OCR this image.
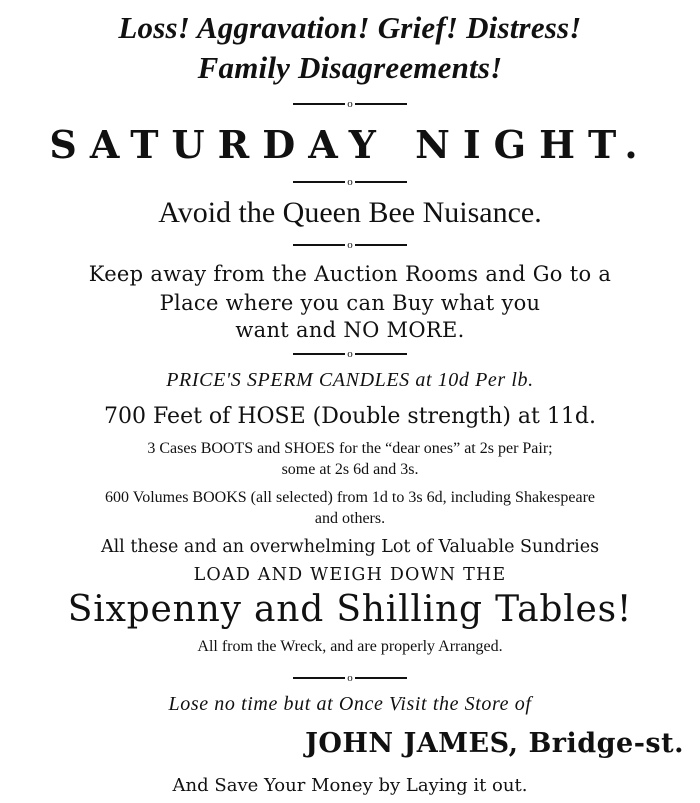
Loss! Aggravation! Grief! Distress!
Family Disagreements!
o
SATURDAY NIGHT.
o
Avoid the Queen Bee Nuisance.
o
Keep away from the Auction Rooms and Go to a
Place where you can Buy what you
want and NO MORE.
o
PRICE'S SPERM CANDLES at 10d Per lb.
700 Feet of HOSE (Double strength) at 11d.
3 Cases BOOTS and SHOES for the “dear ones” at 2s per Pair;
some at 2s 6d and 3s.
600 Volumes BOOKS (all selected) from 1d to 3s 6d, including Shakespeare
and others.
All these and an overwhelming Lot of Valuable Sundries
LOAD AND WEIGH DOWN THE
Sixpenny and Shilling Tables!
All from the Wreck, and are properly Arranged.
o
Lose no time but at Once Visit the Store of
JOHN JAMES, Bridge-st.
And Save Your Money by Laying it out.
